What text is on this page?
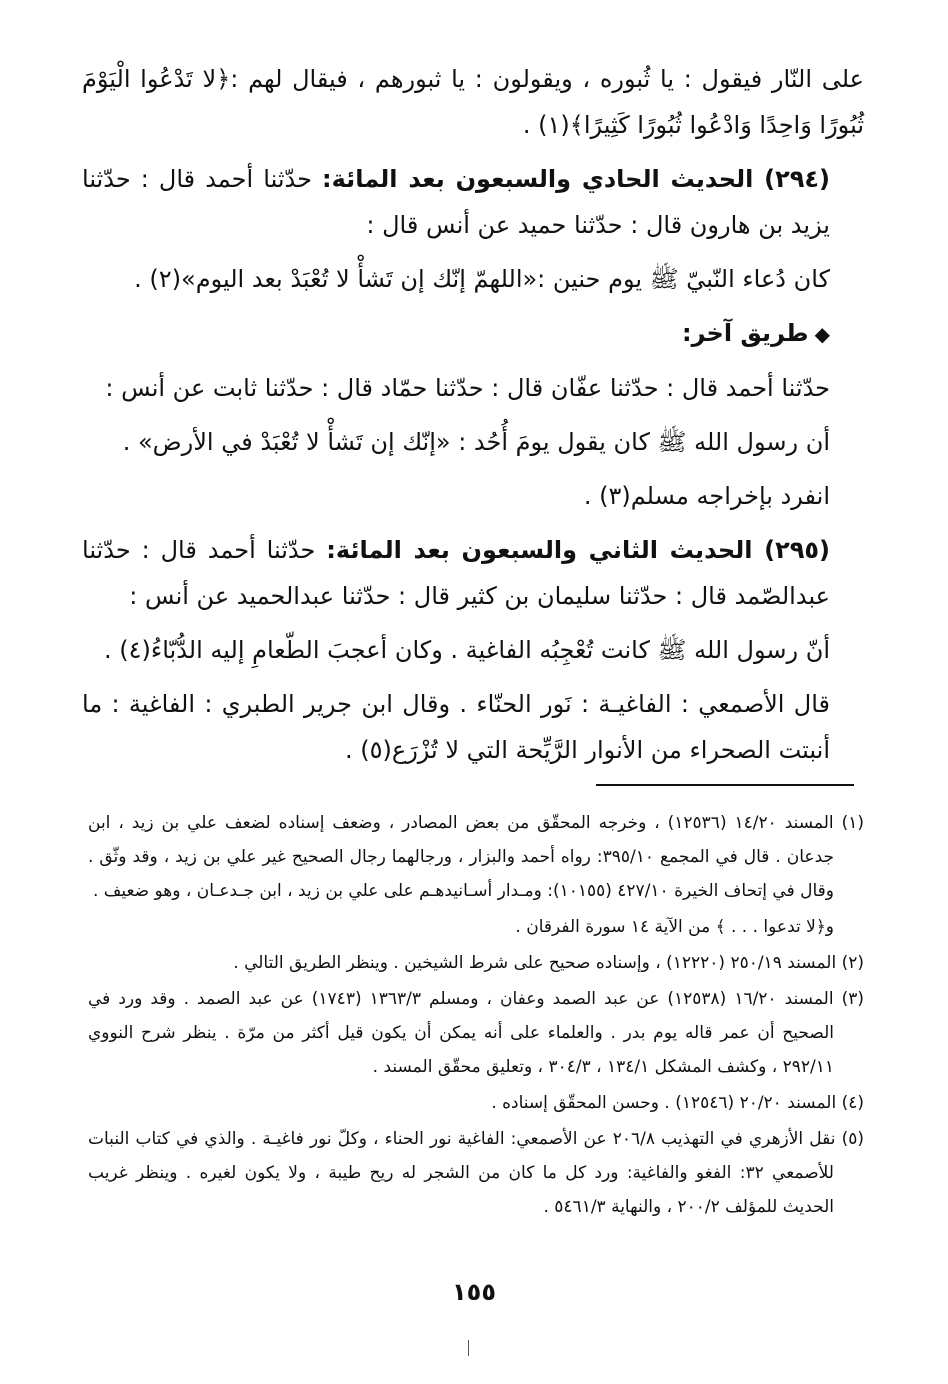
على النّار فيقول : يا ثُبوره ، ويقولون : يا ثبورهم ، فيقال لهم :﴿لا تَدْعُوا الْيَوْمَ ثُبُورًا وَاحِدًا وَادْعُوا ثُبُورًا كَثِيرًا﴾(١) .

(٢٩٤) الحديث الحادي والسبعون بعد المائة: حدّثنا أحمد قال : حدّثنا يزيد بن هارون قال : حدّثنا حميد عن أنس قال :

كان دُعاء النّبيّ ﷺ يوم حنين :«اللهمّ إنّك إن تَشأْ لا تُعْبَدْ بعد اليوم»(٢) .

◆طريق آخر:

حدّثنا أحمد قال : حدّثنا عفّان قال : حدّثنا حمّاد قال : حدّثنا ثابت عن أنس :

أن رسول الله ﷺ كان يقول يومَ أُحُد : «إنّك إن تَشأْ لا تُعْبَدْ في الأرض» .

انفرد بإخراجه مسلم(٣) .

(٢٩٥) الحديث الثاني والسبعون بعد المائة: حدّثنا أحمد قال : حدّثنا عبدالصّمد قال : حدّثنا سليمان بن كثير قال : حدّثنا عبدالحميد عن أنس :

أنّ رسول الله ﷺ كانت تُعْجِبُه الفاغية . وكان أعجبَ الطّعامِ إليه الدُّبّاءُ(٤) .

قال الأصمعي : الفاغيـة : نَور الحنّاء . وقال ابن جرير الطبري : الفاغية : ما أنبتت الصحراء من الأنوار الرَّيِّحة التي لا تُزْرَع(٥) .

(١) المسند ١٤/٢٠ (١٢٥٣٦) ، وخرجه المحقّق من بعض المصادر ، وضعف إسناده لضعف علي بن زيد ، ابن جدعان . قال في المجمع ٣٩٥/١٠: رواه أحمد والبزار ، ورجالهما رجال الصحيح غير علي بن زيد ، وقد وثّق . وقال في إتحاف الخيرة ٤٢٧/١٠ (١٠١٥٥): ومـدار أسـانيدهـم على علي بن زيد ، ابن جـدعـان ، وهو ضعيف .

و﴿لا تدعوا . . . ﴾ من الآية ١٤ سورة الفرقان .

(٢) المسند ٢٥٠/١٩ (١٢٢٢٠) ، وإسناده صحيح على شرط الشيخين . وينظر الطريق التالي .

(٣) المسند ١٦/٢٠ (١٢٥٣٨) عن عبد الصمد وعفان ، ومسلم ١٣٦٣/٣ (١٧٤٣) عن عبد الصمد . وقد ورد في الصحيح أن عمر قاله يوم بدر . والعلماء على أنه يمكن أن يكون قيل أكثر من مرّة . ينظر شرح النووي ٢٩٢/١١ ، وكشف المشكل ١٣٤/١ ، ٣٠٤/٣ ، وتعليق محقّق المسند .

(٤) المسند ٢٠/٢٠ (١٢٥٤٦) . وحسن المحقّق إسناده .

(٥) نقل الأزهري في التهذيب ٢٠٦/٨ عن الأصمعي: الفاغية نور الحناء ، وكلّ نور فاغيـة . والذي في كتاب النبات للأصمعي ٣٢: الفغو والفاغية: ورد كل ما كان من الشجر له ريح طيبة ، ولا يكون لغيره . وينظر غريب الحديث للمؤلف ٢٠٠/٢ ، والنهاية ٥٤٦١/٣ .

١٥٥
